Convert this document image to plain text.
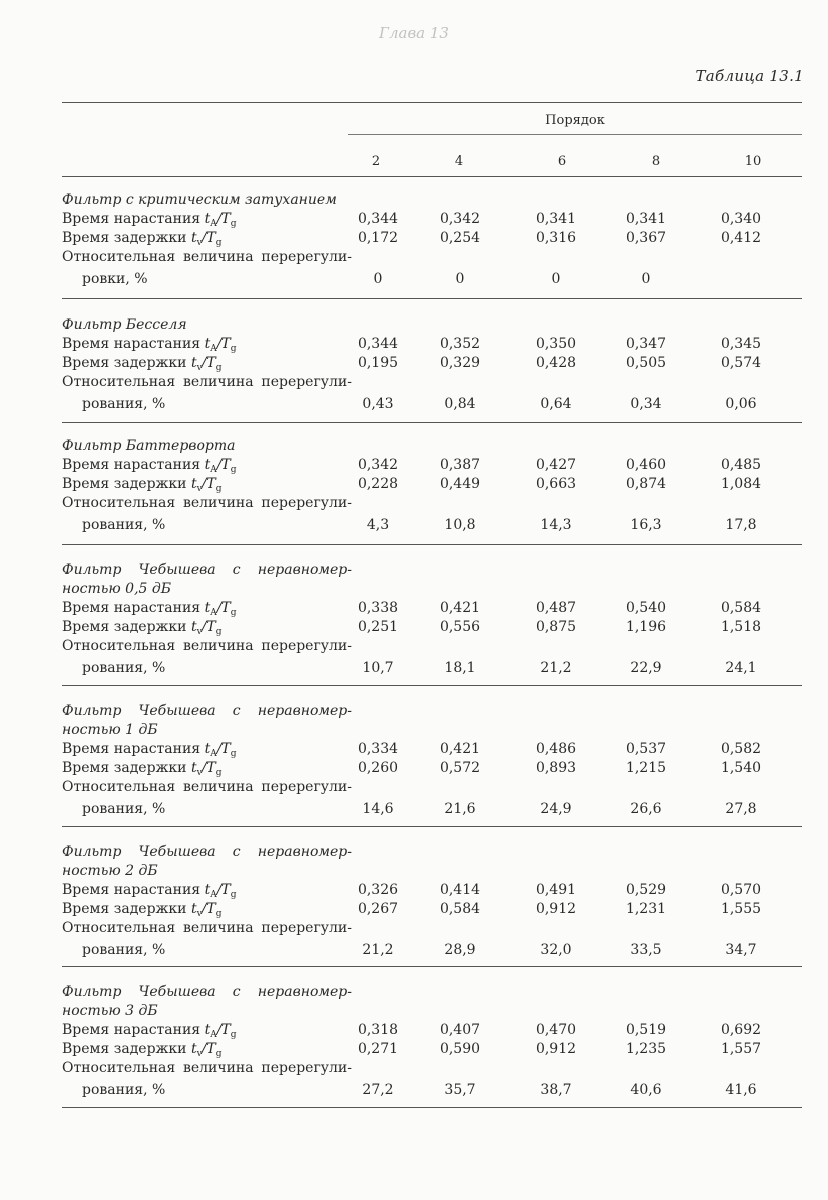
Глава 13
Таблица 13.1
Порядок
2	4	6	8	10

Фильтр с критическим затуханием

Время нарастания $t_A/T_g$	0,344	0,342	0,341	0,341	0,340
Время задержки $t_v/T_g$	0,172	0,254	0,316	0,367	0,412
Относительная величина перерегули-
ровки, %	0	0	0	0

Фильтр Бесселя

Время нарастания $t_A/T_g$	0,344	0,352	0,350	0,347	0,345
Время задержки $t_v/T_g$	0,195	0,329	0,428	0,505	0,574
Относительная величина перерегули-
рования, %	0,43	0,84	0,64	0,34	0,06

Фильтр Баттерворта

Время нарастания $t_A/T_g$	0,342	0,387	0,427	0,460	0,485
Время задержки $t_v/T_g$	0,228	0,449	0,663	0,874	1,084
Относительная величина перерегули-
рования, %	4,3	10,8	14,3	16,3	17,8

Фильтр Чебышева с неравномер-
ностью 0,5 дБ

Время нарастания $t_A/T_g$	0,338	0,421	0,487	0,540	0,584
Время задержки $t_v/T_g$	0,251	0,556	0,875	1,196	1,518
Относительная величина перерегули-
рования, %	10,7	18,1	21,2	22,9	24,1

Фильтр Чебышева с неравномер-
ностью 1 дБ

Время нарастания $t_A/T_g$	0,334	0,421	0,486	0,537	0,582
Время задержки $t_v/T_g$	0,260	0,572	0,893	1,215	1,540
Относительная величина перерегули-
рования, %	14,6	21,6	24,9	26,6	27,8

Фильтр Чебышева с неравномер-
ностью 2 дБ

Время нарастания $t_A/T_g$	0,326	0,414	0,491	0,529	0,570
Время задержки $t_v/T_g$	0,267	0,584	0,912	1,231	1,555
Относительная величина перерегули-
рования, %	21,2	28,9	32,0	33,5	34,7

Фильтр Чебышева с неравномер-
ностью 3 дБ

Время нарастания $t_A/T_g$	0,318	0,407	0,470	0,519	0,692
Время задержки $t_v/T_g$	0,271	0,590	0,912	1,235	1,557
Относительная величина перерегули-
рования, %	27,2	35,7	38,7	40,6	41,6
